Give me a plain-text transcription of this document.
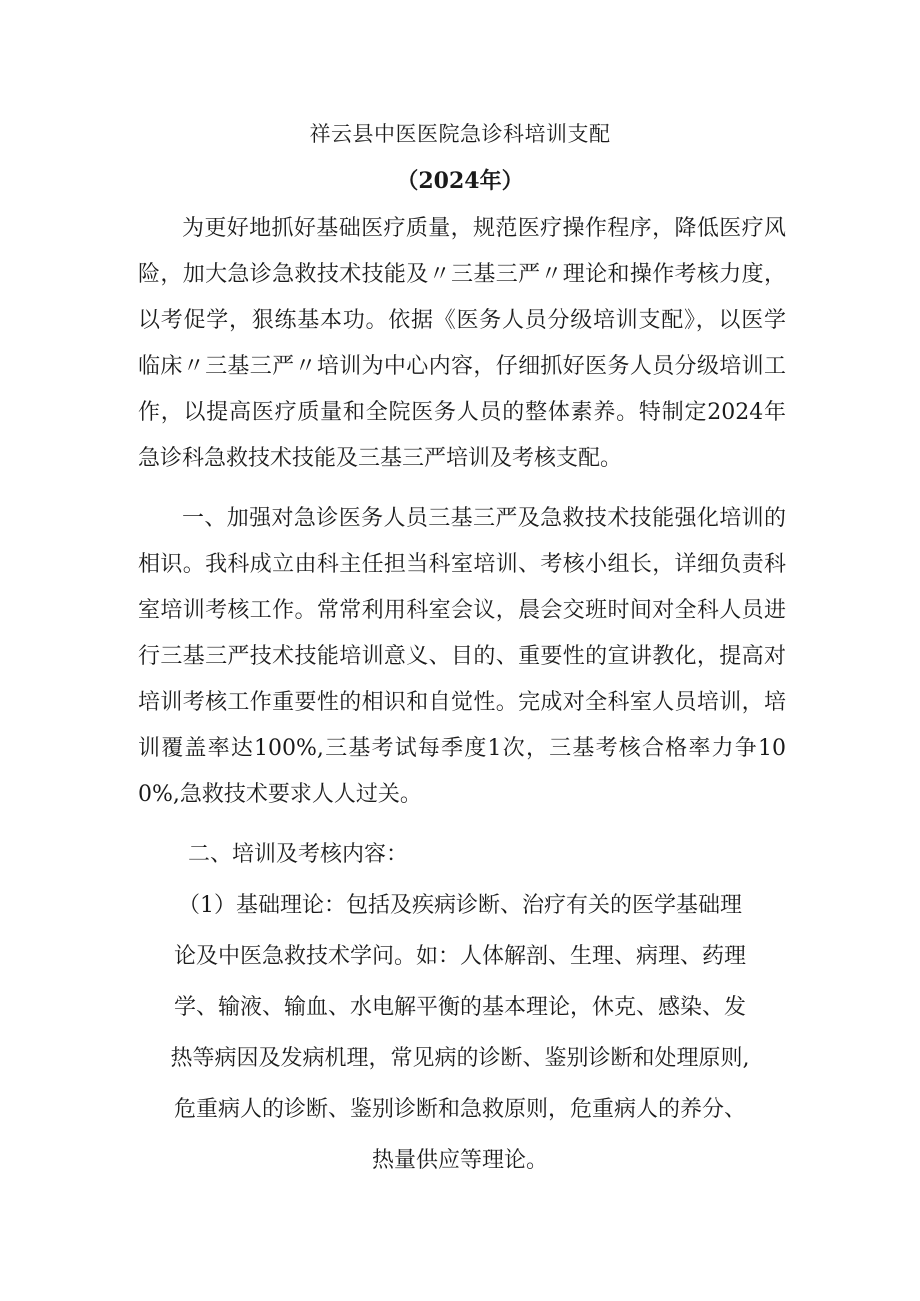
祥云县中医医院急诊科培训支配
（2024年）

为更好地抓好基础医疗质量，规范医疗操作程序，降低医疗风险，加大急诊急救技术技能及〃三基三严〃理论和操作考核力度，以考促学，狠练基本功。依据《医务人员分级培训支配》，以医学临床〃三基三严〃培训为中心内容，仔细抓好医务人员分级培训工作，以提高医疗质量和全院医务人员的整体素养。特制定2024年急诊科急救技术技能及三基三严培训及考核支配。

一、加强对急诊医务人员三基三严及急救技术技能强化培训的相识。我科成立由科主任担当科室培训、考核小组长，详细负责科室培训考核工作。常常利用科室会议，晨会交班时间对全科人员进行三基三严技术技能培训意义、目的、重要性的宣讲教化，提高对培训考核工作重要性的相识和自觉性。完成对全科室人员培训，培训覆盖率达100%,三基考试每季度1次，三基考核合格率力争100%,急救技术要求人人过关。

二、培训及考核内容：

（1）基础理论：包括及疾病诊断、治疗有关的医学基础理
论及中医急救技术学问。如：人体解剖、生理、病理、药理
学、输液、输血、水电解平衡的基本理论，休克、感染、发
热等病因及发病机理，常见病的诊断、鉴别诊断和处理原则,
危重病人的诊断、鉴别诊断和急救原则，危重病人的养分、
热量供应等理论。
